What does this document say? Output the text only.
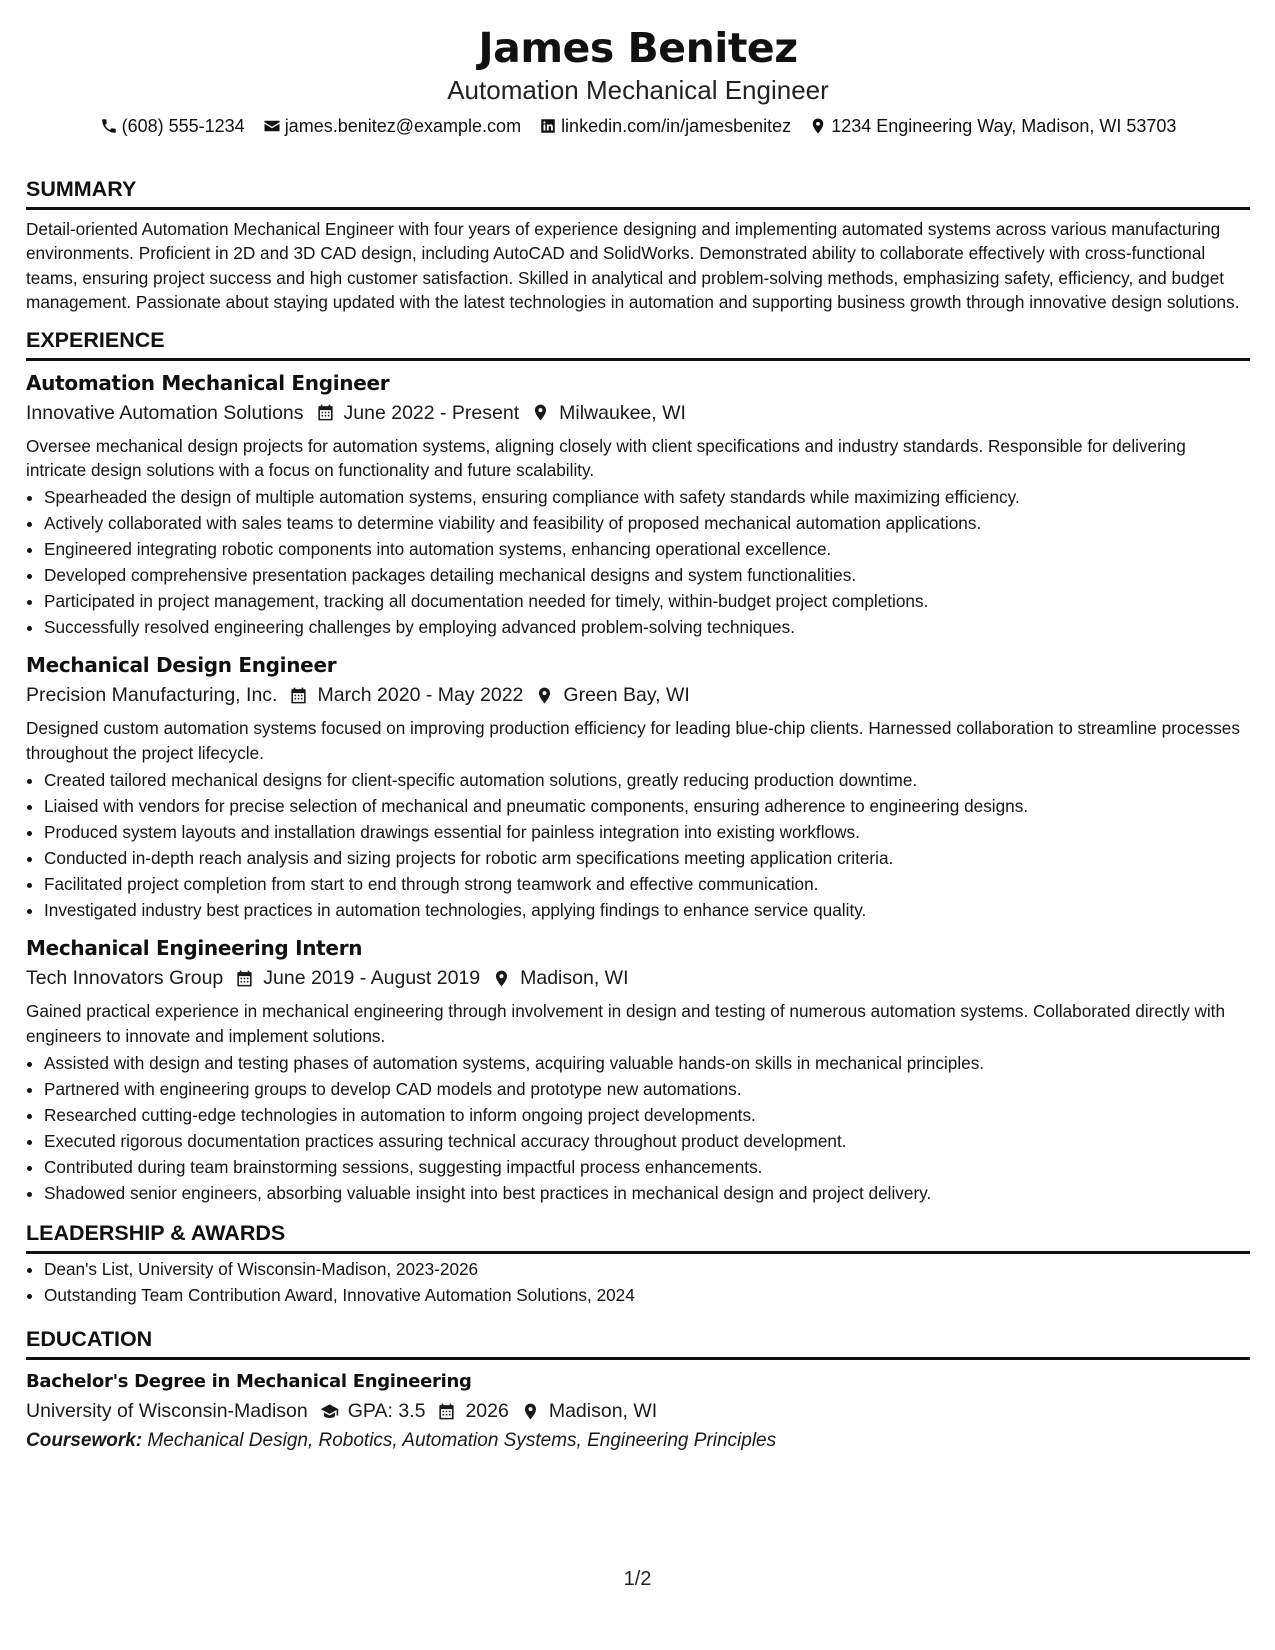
James Benitez
Automation Mechanical Engineer
(608) 555-1234 james.benitez@example.com linkedin.com/in/jamesbenitez 1234 Engineering Way, Madison, WI 53703
SUMMARY

Detail-oriented Automation Mechanical Engineer with four years of experience designing and implementing automated systems across various manufacturing environments. Proficient in 2D and 3D CAD design, including AutoCAD and SolidWorks. Demonstrated ability to collaborate effectively with cross-functional teams, ensuring project success and high customer satisfaction. Skilled in analytical and problem-solving methods, emphasizing safety, efficiency, and budget management. Passionate about staying updated with the latest technologies in automation and supporting business growth through innovative design solutions.

EXPERIENCE
Automation Mechanical Engineer
Innovative Automation Solutions June 2022 - Present Milwaukee, WI

Oversee mechanical design projects for automation systems, aligning closely with client specifications and industry standards. Responsible for delivering intricate design solutions with a focus on functionality and future scalability.

• Spearheaded the design of multiple automation systems, ensuring compliance with safety standards while maximizing efficiency.
• Actively collaborated with sales teams to determine viability and feasibility of proposed mechanical automation applications.
• Engineered integrating robotic components into automation systems, enhancing operational excellence.
• Developed comprehensive presentation packages detailing mechanical designs and system functionalities.
• Participated in project management, tracking all documentation needed for timely, within-budget project completions.
• Successfully resolved engineering challenges by employing advanced problem-solving techniques.
Mechanical Design Engineer
Precision Manufacturing, Inc. March 2020 - May 2022 Green Bay, WI

Designed custom automation systems focused on improving production efficiency for leading blue-chip clients. Harnessed collaboration to streamline processes throughout the project lifecycle.

• Created tailored mechanical designs for client-specific automation solutions, greatly reducing production downtime.
• Liaised with vendors for precise selection of mechanical and pneumatic components, ensuring adherence to engineering designs.
• Produced system layouts and installation drawings essential for painless integration into existing workflows.
• Conducted in-depth reach analysis and sizing projects for robotic arm specifications meeting application criteria.
• Facilitated project completion from start to end through strong teamwork and effective communication.
• Investigated industry best practices in automation technologies, applying findings to enhance service quality.
Mechanical Engineering Intern
Tech Innovators Group June 2019 - August 2019 Madison, WI

Gained practical experience in mechanical engineering through involvement in design and testing of numerous automation systems. Collaborated directly with engineers to innovate and implement solutions.

• Assisted with design and testing phases of automation systems, acquiring valuable hands-on skills in mechanical principles.
• Partnered with engineering groups to develop CAD models and prototype new automations.
• Researched cutting-edge technologies in automation to inform ongoing project developments.
• Executed rigorous documentation practices assuring technical accuracy throughout product development.
• Contributed during team brainstorming sessions, suggesting impactful process enhancements.
• Shadowed senior engineers, absorbing valuable insight into best practices in mechanical design and project delivery.
LEADERSHIP & AWARDS
• Dean's List, University of Wisconsin-Madison, 2023-2026
• Outstanding Team Contribution Award, Innovative Automation Solutions, 2024
EDUCATION
Bachelor's Degree in Mechanical Engineering
University of Wisconsin-Madison GPA: 3.5 2026 Madison, WI
Coursework: Mechanical Design, Robotics, Automation Systems, Engineering Principles
1/2
